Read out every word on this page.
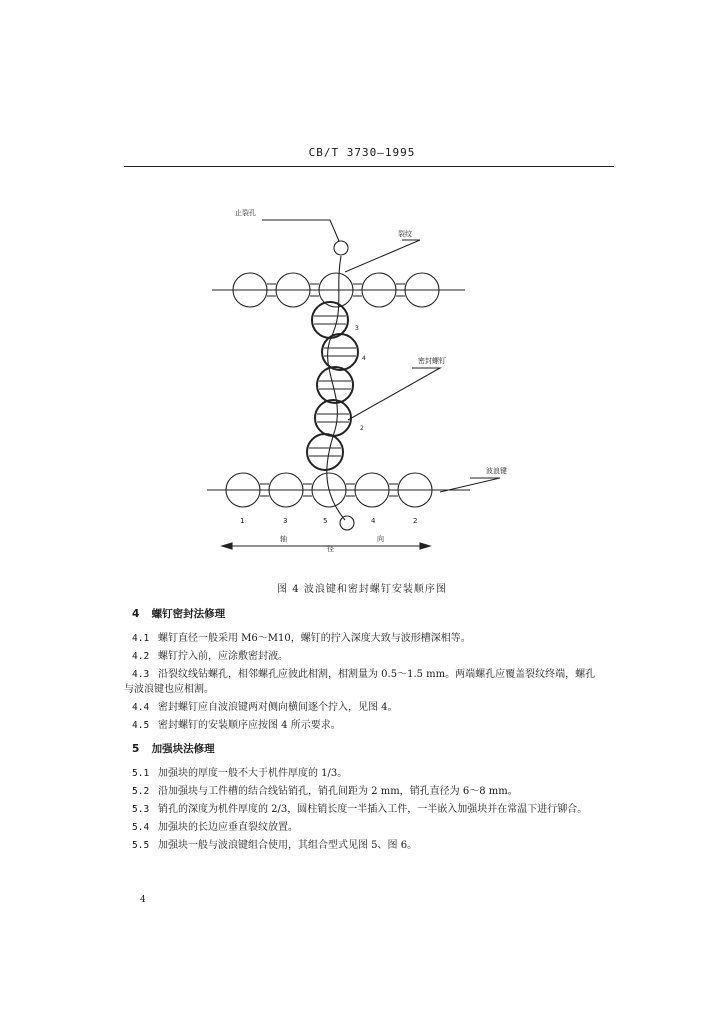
CB/T 3730—1995
止裂孔
裂纹
密封螺钉
波浪键
3
4
2
1	3	5	4	2
轴
径
向
图 4 波浪键和密封螺钉安装顺序图
4 螺钉密封法修理
4.1 螺钉直径一般采用 M6～M10，螺钉的拧入深度大致与波形槽深相等。
4.2 螺钉拧入前，应涂敷密封液。
4.3 沿裂纹线钻螺孔，相邻螺孔应彼此相割，相割量为 0.5～1.5 mm。两端螺孔应覆盖裂纹终端，螺孔
与波浪键也应相割。
4.4 密封螺钉应自波浪键两对侧向横间逐个拧入，见图 4。
4.5 密封螺钉的安装顺序应按图 4 所示要求。
5 加强块法修理
5.1 加强块的厚度一般不大于机件厚度的 1/3。
5.2 沿加强块与工件槽的结合线钻销孔，销孔间距为 2 mm，销孔直径为 6～8 mm。
5.3 销孔的深度为机件厚度的 2/3，圆柱销长度一半插入工件，一半嵌入加强块并在常温下进行铆合。
5.4 加强块的长边应垂直裂纹放置。
5.5 加强块一般与波浪键组合使用，其组合型式见图 5、图 6。
4
